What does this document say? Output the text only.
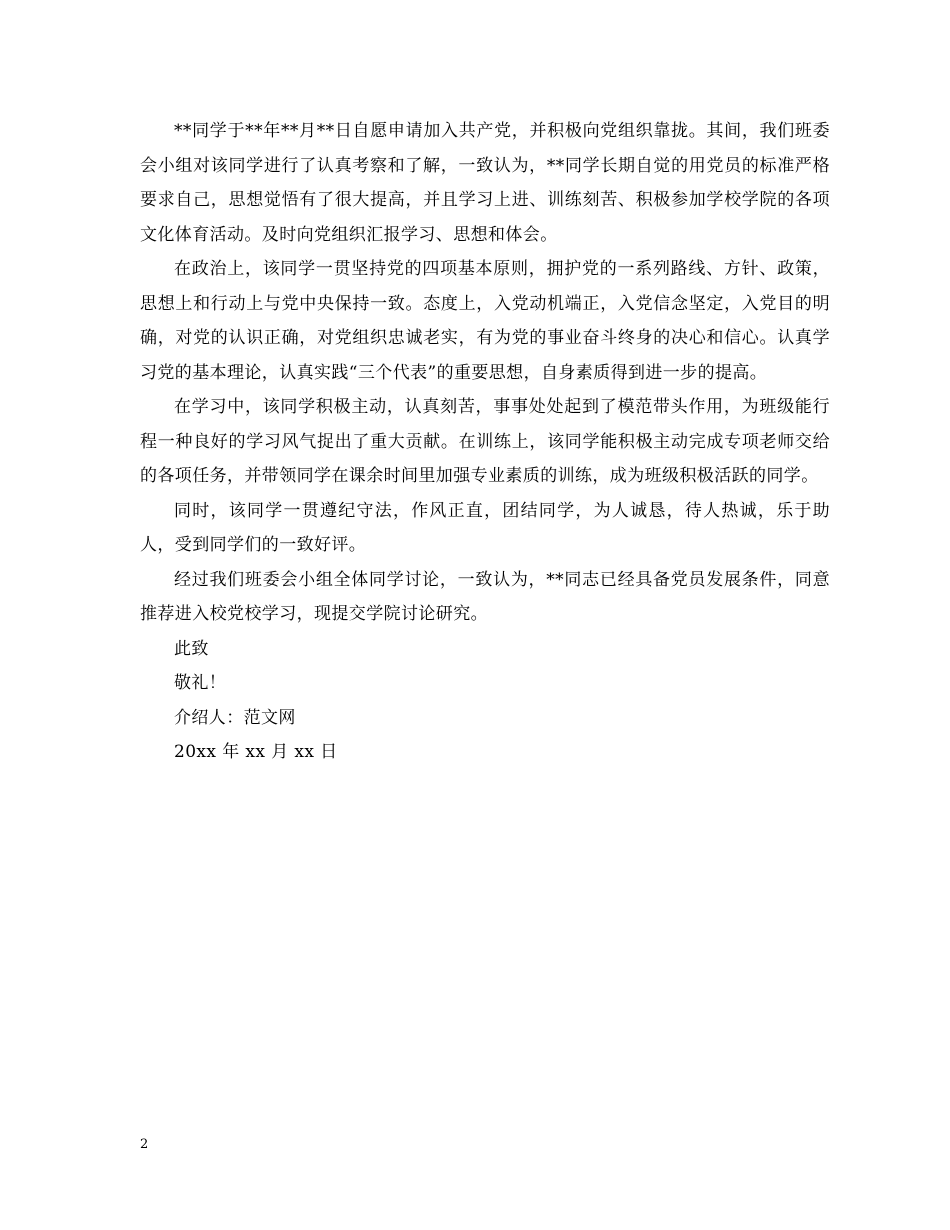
**同学于**年**月**日自愿申请加入共产党，并积极向党组织靠拢。其间，我们班委会小组对该同学进行了认真考察和了解，一致认为，**同学长期自觉的用党员的标准严格要求自己，思想觉悟有了很大提高，并且学习上进、训练刻苦、积极参加学校学院的各项文化体育活动。及时向党组织汇报学习、思想和体会。

在政治上，该同学一贯坚持党的四项基本原则，拥护党的一系列路线、方针、政策，思想上和行动上与党中央保持一致。态度上，入党动机端正，入党信念坚定，入党目的明确，对党的认识正确，对党组织忠诚老实，有为党的事业奋斗终身的决心和信心。认真学习党的基本理论，认真实践“三个代表”的重要思想，自身素质得到进一步的提高。

在学习中，该同学积极主动，认真刻苦，事事处处起到了模范带头作用，为班级能行程一种良好的学习风气捉出了重大贡献。在训练上，该同学能积极主动完成专项老师交给的各项任务，并带领同学在课余时间里加强专业素质的训练，成为班级积极活跃的同学。

同时，该同学一贯遵纪守法，作风正直，团结同学，为人诚恳，待人热诚，乐于助人，受到同学们的一致好评。

经过我们班委会小组全体同学讨论，一致认为，**同志已经具备党员发展条件，同意推荐进入校党校学习，现提交学院讨论研究。

此致

敬礼！

介绍人：范文网

20xx 年 xx 月 xx 日

2
